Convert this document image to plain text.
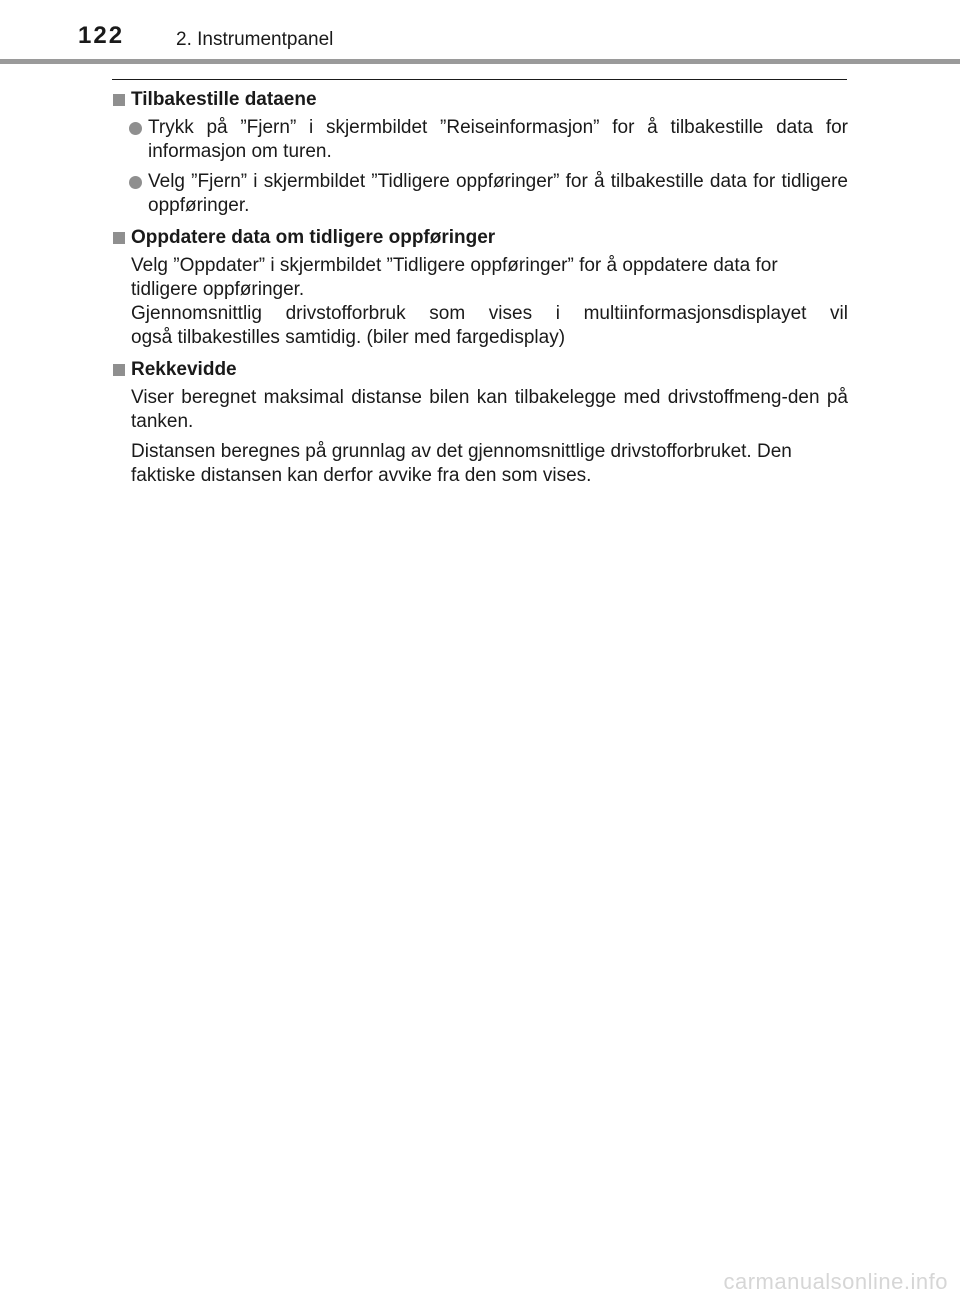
122	2. Instrumentpanel
Tilbakestille dataene
Trykk på ”Fjern” i skjermbildet ”Reiseinformasjon” for å tilbakestille data for informasjon om turen.
Velg ”Fjern” i skjermbildet ”Tidligere oppføringer” for å tilbakestille data for tidligere oppføringer.
Oppdatere data om tidligere oppføringer
Velg ”Oppdater” i skjermbildet ”Tidligere oppføringer” for å oppdatere data for
tidligere oppføringer.
Gjennomsnittlig drivstofforbruk som vises i multiinformasjonsdisplayet vil
også tilbakestilles samtidig. (biler med fargedisplay)
Rekkevidde
Viser beregnet maksimal distanse bilen kan tilbakelegge med drivstoffmeng-den på tanken.
Distansen beregnes på grunnlag av det gjennomsnittlige drivstofforbruket. Den faktiske distansen kan derfor avvike fra den som vises.
carmanualsonline.info
